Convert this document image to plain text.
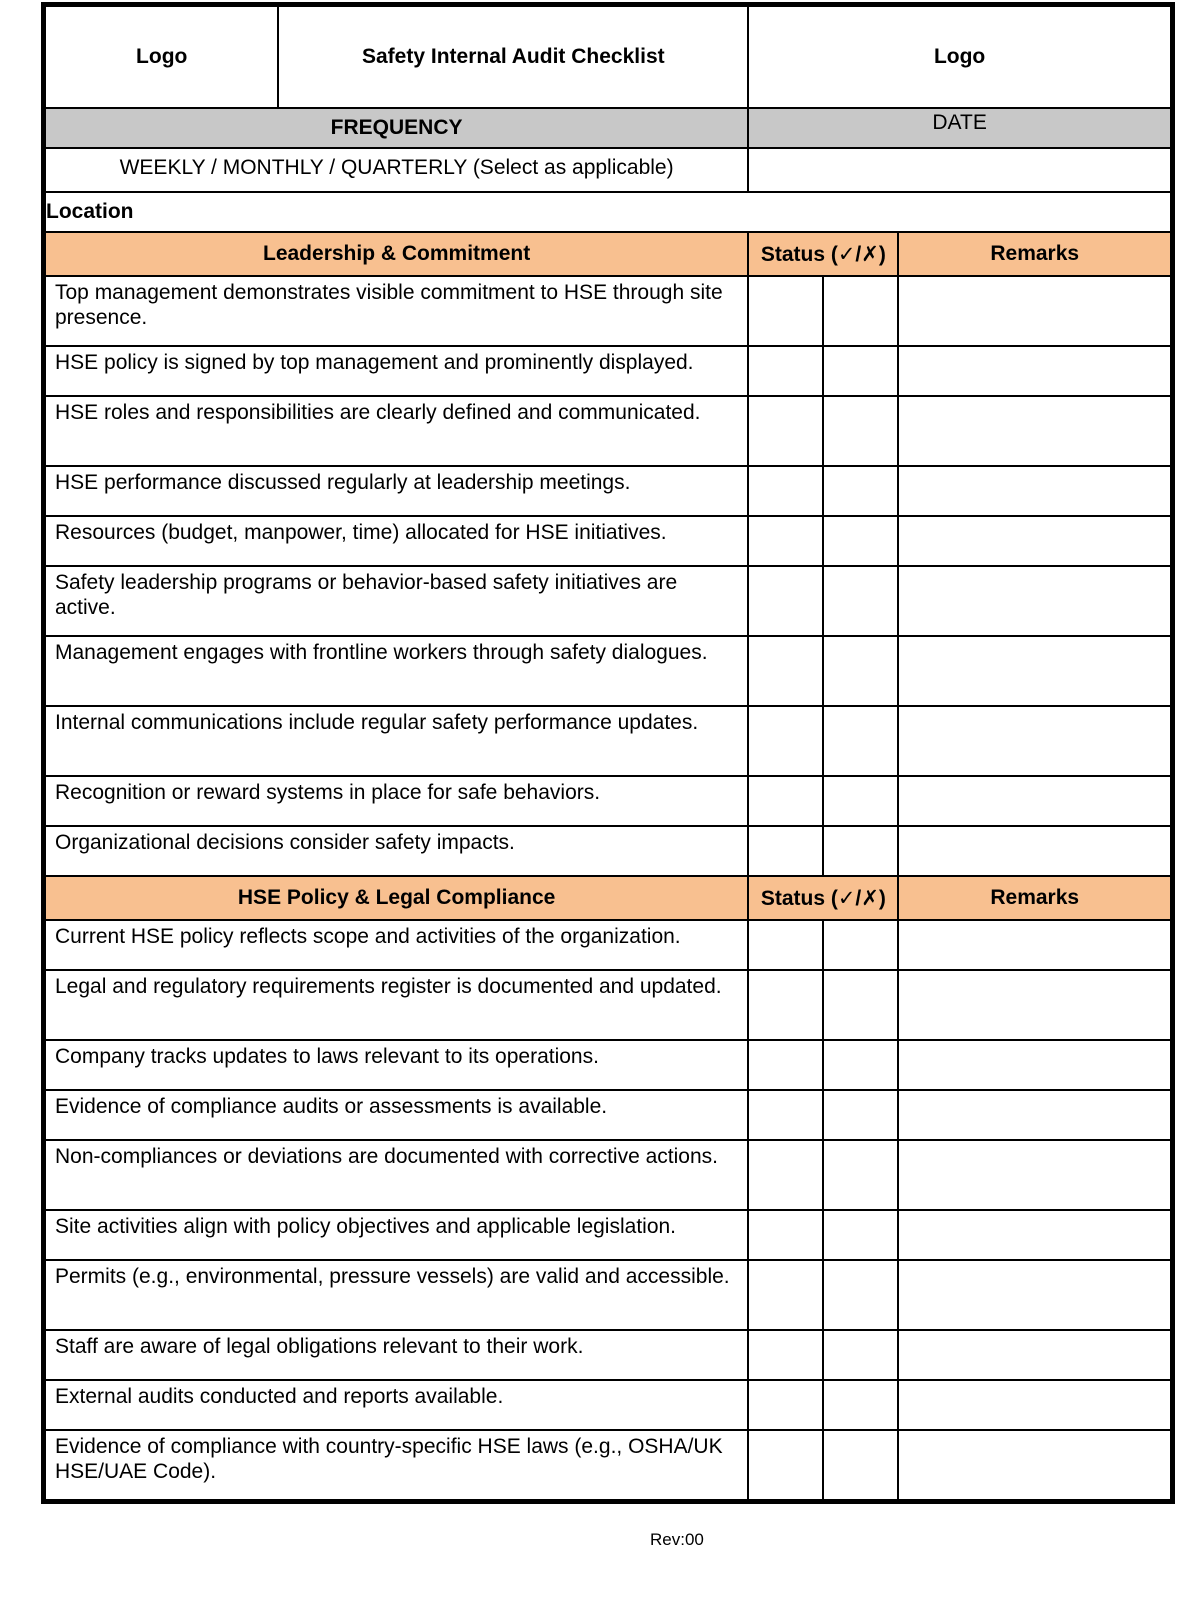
Logo	Safety Internal Audit Checklist	Logo		
FREQUENCY		DATE		
WEEKLY / MONTHLY / QUARTERLY (Select as applicable)				
Location				
Leadership & Commitment		Status (✓/✗)		Remarks

Top management demonstrates visible commitment to HSE through site presence.				

HSE policy is signed by top management and prominently displayed.				

HSE roles and responsibilities are clearly defined and communicated.				

HSE performance discussed regularly at leadership meetings.				

Resources (budget, manpower, time) allocated for HSE initiatives.				

Safety leadership programs or behavior-based safety initiatives are active.				

Management engages with frontline workers through safety dialogues.				

Internal communications include regular safety performance updates.				

Recognition or reward systems in place for safe behaviors.				

Organizational decisions consider safety impacts.				

HSE Policy & Legal Compliance		Status (✓/✗)		Remarks

Current HSE policy reflects scope and activities of the organization.				

Legal and regulatory requirements register is documented and updated.				

Company tracks updates to laws relevant to its operations.				

Evidence of compliance audits or assessments is available.				

Non-compliances or deviations are documented with corrective actions.				

Site activities align with policy objectives and applicable legislation.				

Permits (e.g., environmental, pressure vessels) are valid and accessible.				

Staff are aware of legal obligations relevant to their work.				

External audits conducted and reports available.				

Evidence of compliance with country-specific HSE laws (e.g., OSHA/UK HSE/UAE Code).				

Rev:00
